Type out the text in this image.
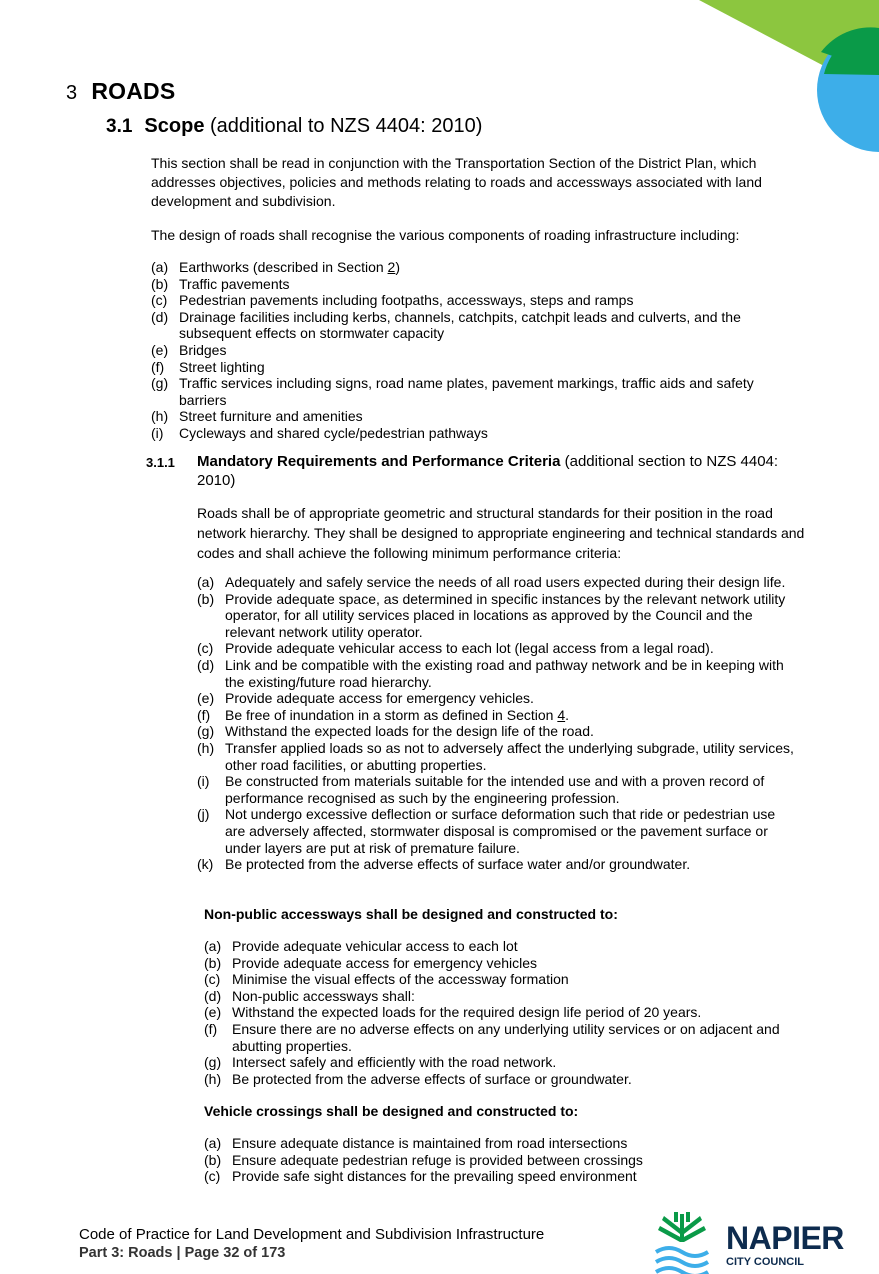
3 ROADS
3.1 Scope (additional to NZS 4404: 2010)
This section shall be read in conjunction with the Transportation Section of the District Plan, which addresses objectives, policies and methods relating to roads and accessways associated with land development and subdivision.
The design of roads shall recognise the various components of roading infrastructure including:
(a) Earthworks (described in Section 2)
(b) Traffic pavements
(c) Pedestrian pavements including footpaths, accessways, steps and ramps
(d) Drainage facilities including kerbs, channels, catchpits, catchpit leads and culverts, and the subsequent effects on stormwater capacity
(e) Bridges
(f)	Street lighting
(g) Traffic services including signs, road name plates, pavement markings, traffic aids and safety barriers
(h) Street furniture and amenities
(i)	Cycleways and shared cycle/pedestrian pathways
3.1.1	Mandatory Requirements and Performance Criteria (additional section to NZS 4404: 2010)
Roads shall be of appropriate geometric and structural standards for their position in the road network hierarchy. They shall be designed to appropriate engineering and technical standards and codes and shall achieve the following minimum performance criteria:
(a) Adequately and safely service the needs of all road users expected during their design life.
(b) Provide adequate space, as determined in specific instances by the relevant network utility operator, for all utility services placed in locations as approved by the Council and the relevant network utility operator.
(c) Provide adequate vehicular access to each lot (legal access from a legal road).
(d) Link and be compatible with the existing road and pathway network and be in keeping with the existing/future road hierarchy.
(e) Provide adequate access for emergency vehicles.
(f)	Be free of inundation in a storm as defined in Section 4.
(g) Withstand the expected loads for the design life of the road.
(h) Transfer applied loads so as not to adversely affect the underlying subgrade, utility services, other road facilities, or abutting properties.
(i)	Be constructed from materials suitable for the intended use and with a proven record of performance recognised as such by the engineering profession.
(j)	Not undergo excessive deflection or surface deformation such that ride or pedestrian use are adversely affected, stormwater disposal is compromised or the pavement surface or under layers are put at risk of premature failure.
(k) Be protected from the adverse effects of surface water and/or groundwater.
Non-public accessways shall be designed and constructed to:
(a) Provide adequate vehicular access to each lot
(b) Provide adequate access for emergency vehicles
(c) Minimise the visual effects of the accessway formation
(d) Non-public accessways shall:
(e) Withstand the expected loads for the required design life period of 20 years.
(f)	Ensure there are no adverse effects on any underlying utility services or on adjacent and abutting properties.
(g) Intersect safely and efficiently with the road network.
(h) Be protected from the adverse effects of surface or groundwater.
Vehicle crossings shall be designed and constructed to:
(a) Ensure adequate distance is maintained from road intersections
(b) Ensure adequate pedestrian refuge is provided between crossings
(c) Provide safe sight distances for the prevailing speed environment
Code of Practice for Land Development and Subdivision Infrastructure
Part 3: Roads | Page 32 of 173	NAPIER
CITY COUNCIL
